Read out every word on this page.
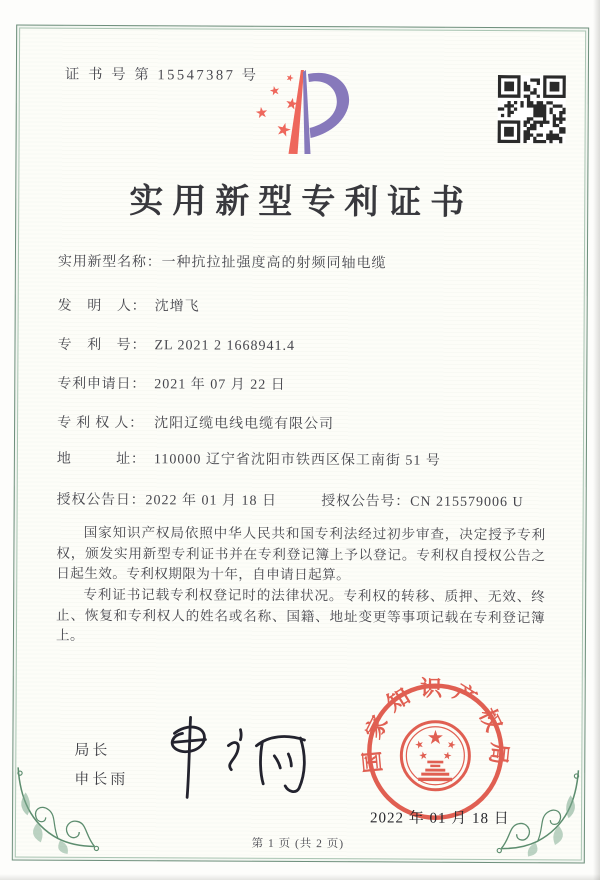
证 书 号 第 15547387 号
实用新型专利证书
实用新型名称：一种抗拉扯强度高的射频同轴电缆
发　明　人： 沈增飞
专　利　号： ZL 2021 2 1668941.4
专利申请日： 2021 年 07 月 22 日
专 利 权 人： 沈阳辽缆电线电缆有限公司
地　　　址： 110000 辽宁省沈阳市铁西区保工南街 51 号
授权公告日：2022 年 01 月 18 日	授权公告号：CN 215579006 U

国家知识产权局依照中华人民共和国专利法经过初步审查，决定授予专利权，颁发实用新型专利证书并在专利登记簿上予以登记。专利权自授权公告之日起生效。专利权期限为十年，自申请日起算。

专利证书记载专利权登记时的法律状况。专利权的转移、质押、无效、终止、恢复和专利权人的姓名或名称、国籍、地址变更等事项记载在专利登记簿上。

局长
申长雨
国家知识产权局
2022 年 01 月 18 日
第 1 页 (共 2 页)
